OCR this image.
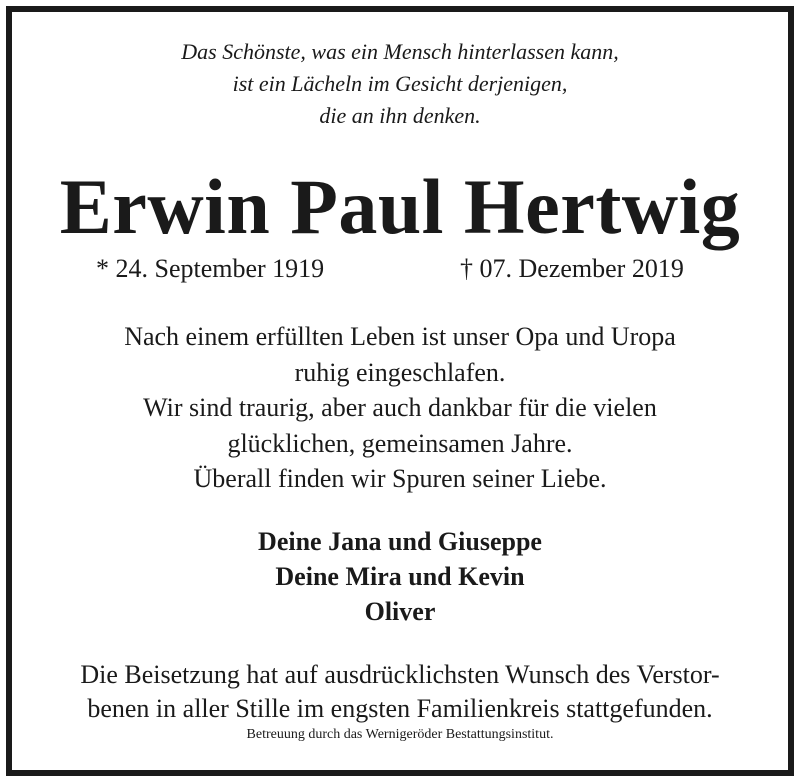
Das Schönste, was ein Mensch hinterlassen kann,
ist ein Lächeln im Gesicht derjenigen,
die an ihn denken.
Erwin Paul Hertwig
* 24. September 1919	† 07. Dezember 2019
Nach einem erfüllten Leben ist unser Opa und Uropa
ruhig eingeschlafen.
Wir sind traurig, aber auch dankbar für die vielen
glücklichen, gemeinsamen Jahre.
Überall finden wir Spuren seiner Liebe.
Deine Jana und Giuseppe
Deine Mira und Kevin
Oliver
Die Beisetzung hat auf ausdrücklichsten Wunsch des Verstor-
benen in aller Stille im engsten Familienkreis stattgefunden.
Betreuung durch das Wernigeröder Bestattungsinstitut.
